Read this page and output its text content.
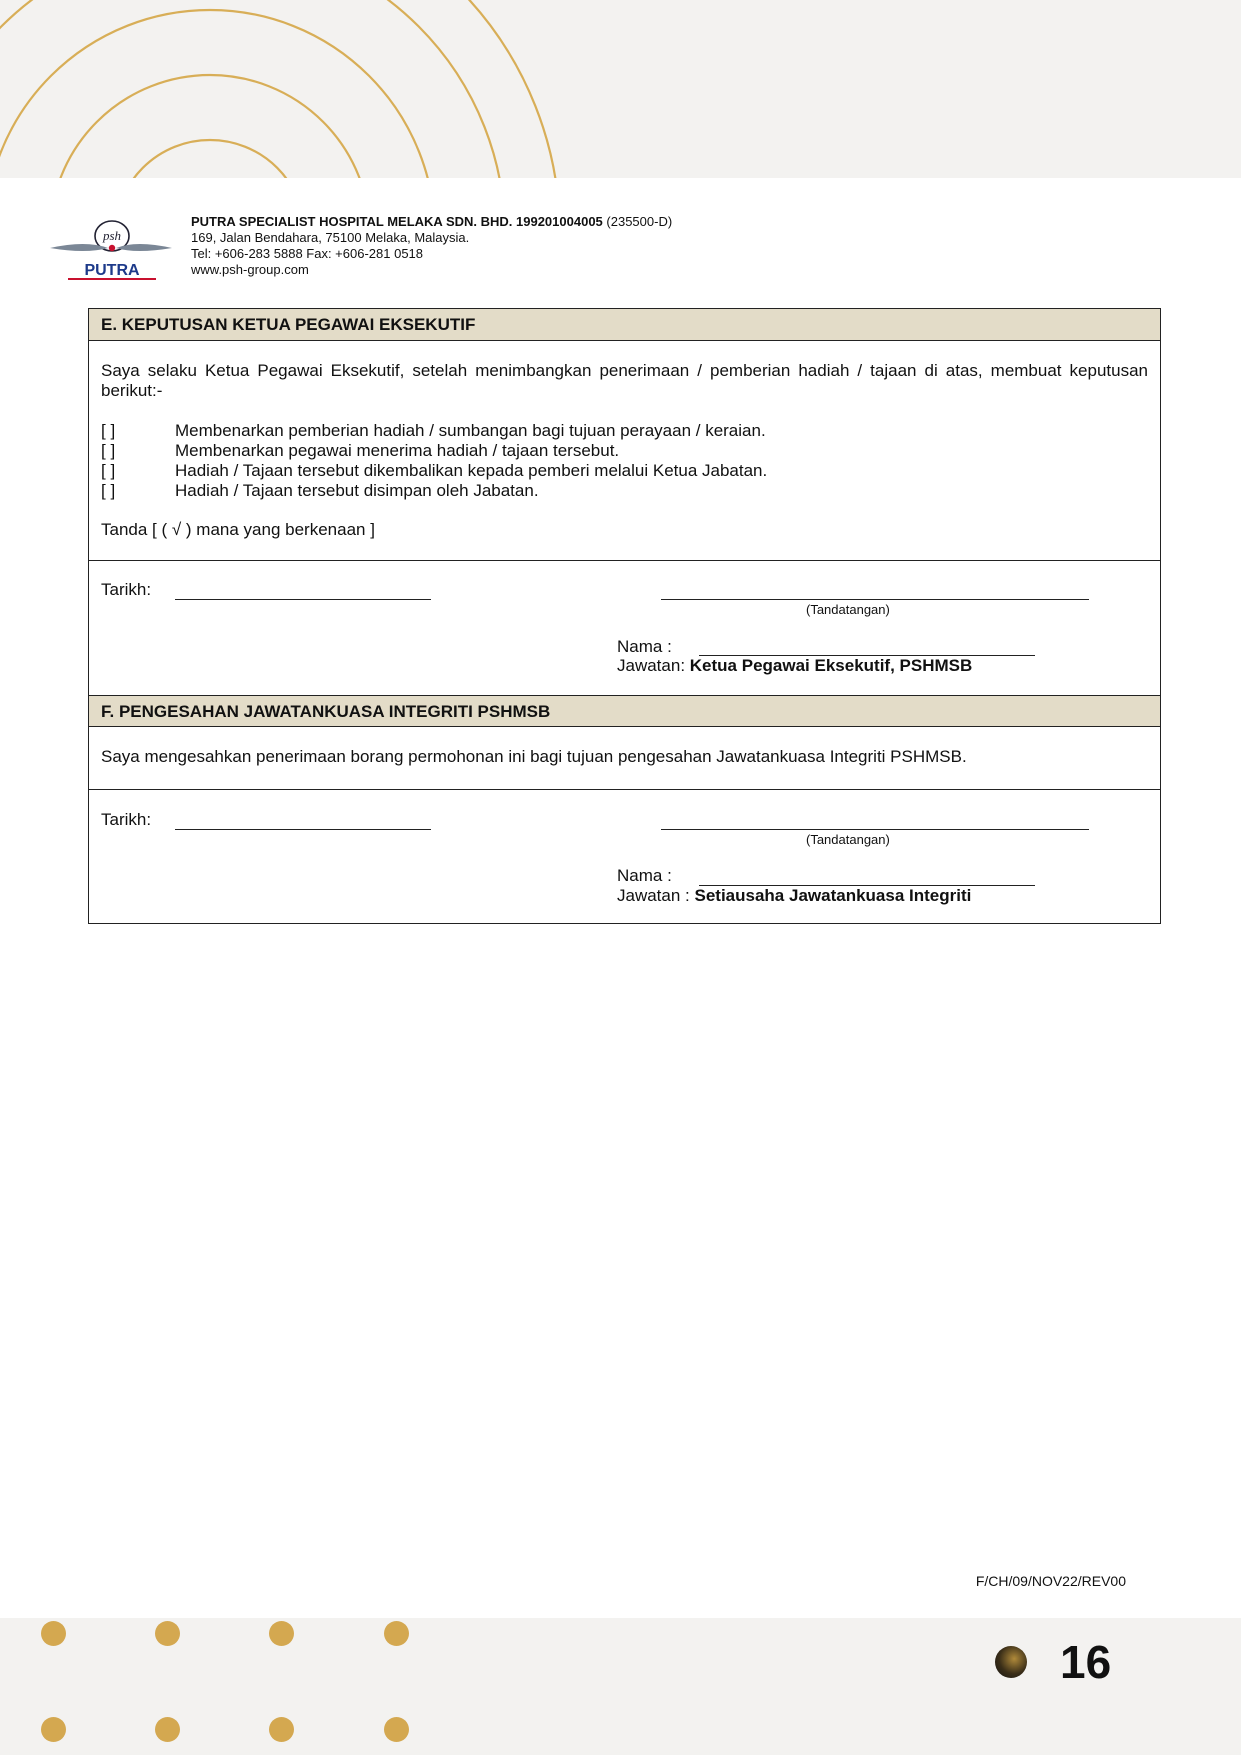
psh
PUTRA
PUTRA SPECIALIST HOSPITAL MELAKA SDN. BHD. 199201004005 (235500-D)
169, Jalan Bendahara, 75100 Melaka, Malaysia.
Tel: +606-283 5888 Fax: +606-281 0518
www.psh-group.com
E. KEPUTUSAN KETUA PEGAWAI EKSEKUTIF
Saya selaku Ketua Pegawai Eksekutif, setelah menimbangkan penerimaan / pemberian hadiah / tajaan di atas, membuat keputusan berikut:-
[ ]	Membenarkan pemberian hadiah / sumbangan bagi tujuan perayaan / keraian.
[ ]	Membenarkan pegawai menerima hadiah / tajaan tersebut.
[ ]	Hadiah / Tajaan tersebut dikembalikan kepada pemberi melalui Ketua Jabatan.
[ ]	Hadiah / Tajaan tersebut disimpan oleh Jabatan.
Tanda [ ( √ ) mana yang berkenaan ]
Tarikh:
(Tandatangan)
Nama :
Jawatan: Ketua Pegawai Eksekutif, PSHMSB
F. PENGESAHAN JAWATANKUASA INTEGRITI PSHMSB
Saya mengesahkan penerimaan borang permohonan ini bagi tujuan pengesahan Jawatankuasa Integriti PSHMSB.
Tarikh:
(Tandatangan)
Nama :
Jawatan : Setiausaha Jawatankuasa Integriti
F/CH/09/NOV22/REV00
16
